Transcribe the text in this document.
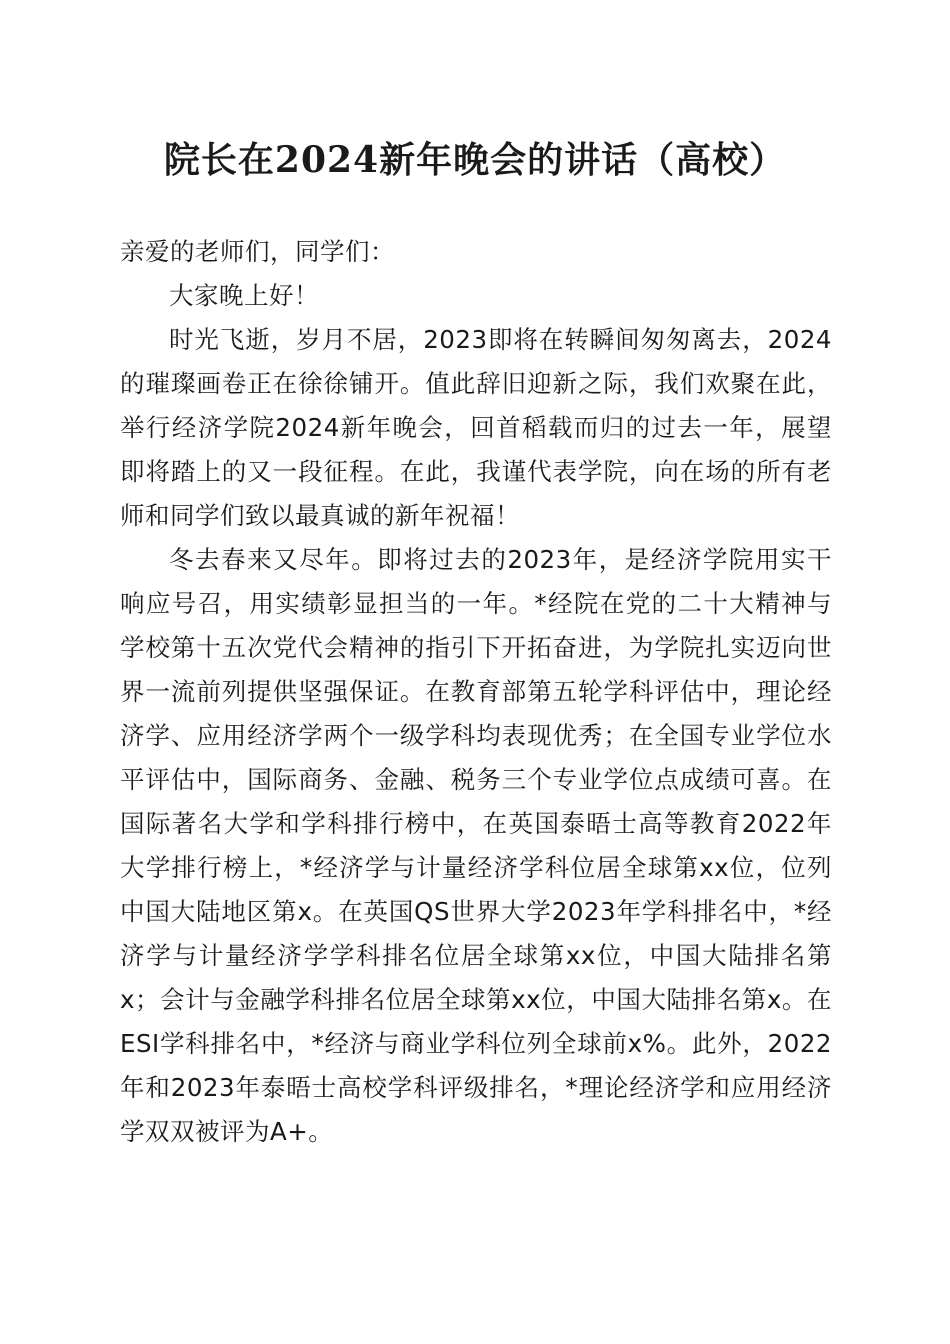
院长在2024新年晚会的讲话（高校）

亲爱的老师们，同学们：

大家晚上好！

时光飞逝，岁月不居，2023即将在转瞬间匆匆离去，2024的璀璨画卷正在徐徐铺开。值此辞旧迎新之际，我们欢聚在此，举行经济学院2024新年晚会，回首稻载而归的过去一年，展望即将踏上的又一段征程。在此，我谨代表学院，向在场的所有老师和同学们致以最真诚的新年祝福！

冬去春来又尽年。即将过去的2023年，是经济学院用实干响应号召，用实绩彰显担当的一年。*经院在党的二十大精神与学校第十五次党代会精神的指引下开拓奋进，为学院扎实迈向世界一流前列提供坚强保证。在教育部第五轮学科评估中，理论经济学、应用经济学两个一级学科均表现优秀；在全国专业学位水平评估中，国际商务、金融、税务三个专业学位点成绩可喜。在国际著名大学和学科排行榜中，在英国泰晤士高等教育2022年大学排行榜上，*经济学与计量经济学科位居全球第xx位，位列中国大陆地区第x。在英国QS世界大学2023年学科排名中，*经济学与计量经济学学科排名位居全球第xx位，中国大陆排名第x；会计与金融学科排名位居全球第xx位，中国大陆排名第x。在ESI学科排名中，*经济与商业学科位列全球前x%。此外，2022年和2023年泰晤士高校学科评级排名，*理论经济学和应用经济学双双被评为A+。
